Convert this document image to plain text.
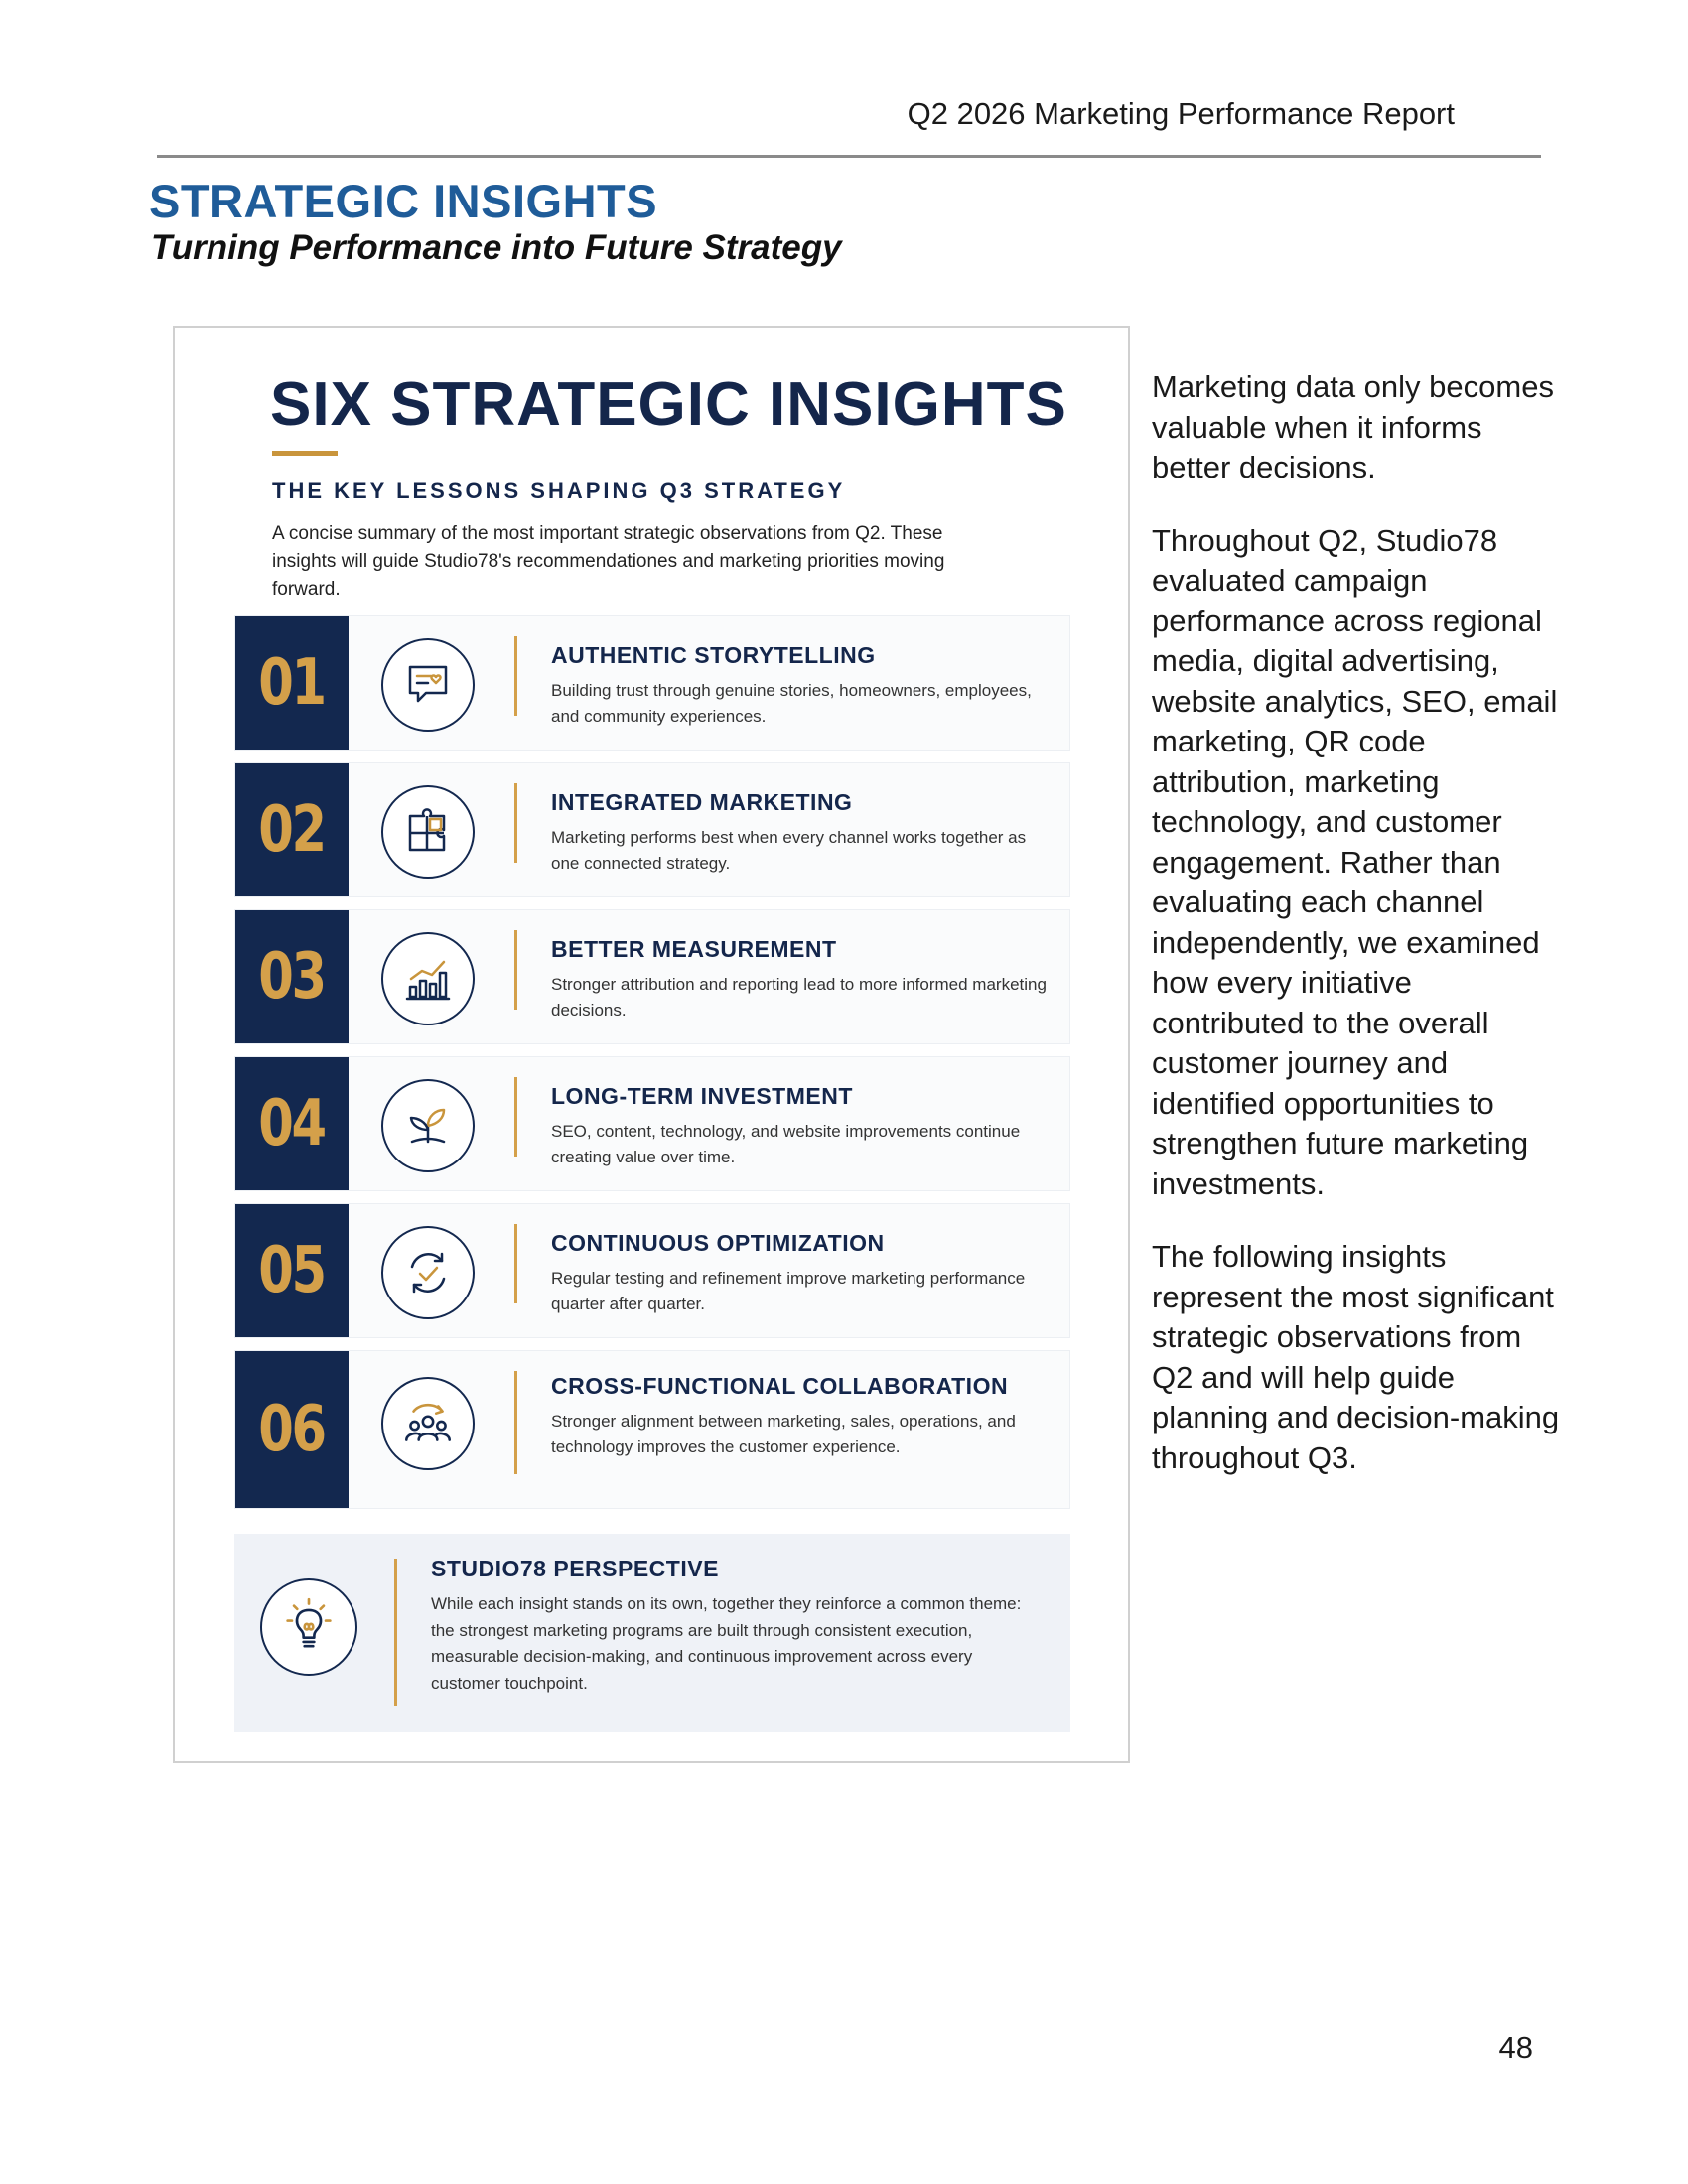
Q2 2026 Marketing Performance Report
STRATEGIC INSIGHTS
Turning Performance into Future Strategy
SIX STRATEGIC INSIGHTS
THE KEY LESSONS SHAPING Q3 STRATEGY
A concise summary of the most important strategic observations from Q2. These insights will guide Studio78's recommendationes and marketing priorities moving forward.
01	AUTHENTIC STORYTELLING
Building trust through genuine stories, homeowners, employees, and community experiences.
02	INTEGRATED MARKETING
Marketing performs best when every channel works together as one connected strategy.
03	BETTER MEASUREMENT
Stronger attribution and reporting lead to more informed marketing decisions.
04	LONG-TERM INVESTMENT
SEO, content, technology, and website improvements continue creating value over time.
05	CONTINUOUS OPTIMIZATION
Regular testing and refinement improve marketing performance quarter after quarter.
06
CROSS-FUNCTIONAL COLLABORATION
Stronger alignment between marketing, sales, operations, and technology improves the customer experience.
STUDIO78 PERSPECTIVE
While each insight stands on its own, together they reinforce a common theme: the strongest marketing programs are built through consistent execution, measurable decision-making, and continuous improvement across every customer touchpoint.

Marketing data only becomes valuable when it informs better decisions.

Throughout Q2, Studio78 evaluated campaign performance across regional media, digital advertising, website analytics, SEO, email marketing, QR code attribution, marketing technology, and customer engagement. Rather than evaluating each channel independently, we examined how every initiative contributed to the overall customer journey and identified opportunities to strengthen future marketing investments.

The following insights represent the most significant strategic observations from Q2 and will help guide planning and decision-making throughout Q3.

48
